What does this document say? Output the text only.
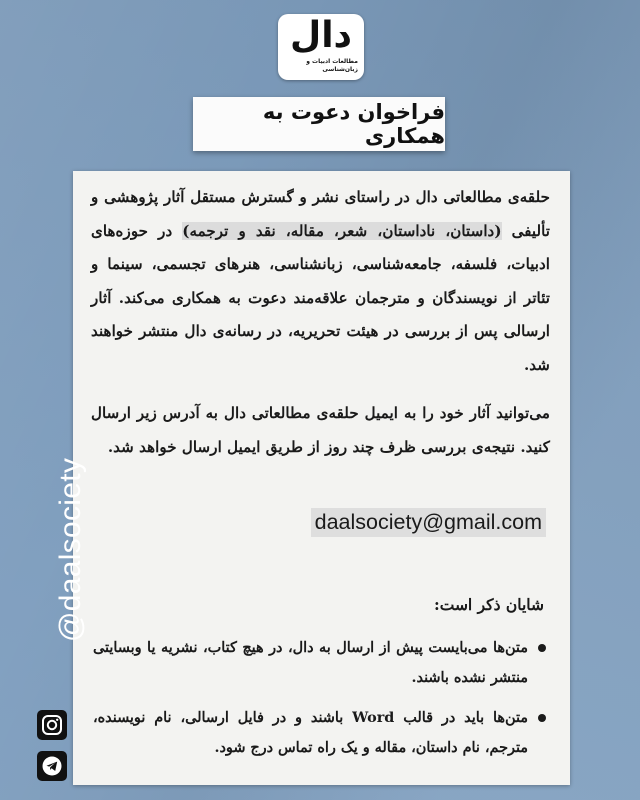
دال
مطالعات ادبیات و زبان‌شناسی
فراخوان دعوت به همکاری
حلقه‌ی مطالعاتی دال در راستای نشر و گسترش مستقل آثار پژوهشی و تألیفی (داستان، ناداستان، شعر، مقاله، نقد و ترجمه) در حوزه‌های ادبیات، فلسفه، جامعه‌شناسی، زبانشناسی، هنرهای تجسمی، سینما و تئاتر از نویسندگان و مترجمان علاقه‌مند دعوت به همکاری می‌کند. آثار ارسالی پس از بررسی در هیئت تحریریه، در رسانه‌ی دال منتشر خواهند شد.
می‌توانید آثار خود را به ایمیل حلقه‌ی مطالعاتی دال به آدرس زیر ارسال کنید. نتیجه‌ی بررسی ظرف چند روز از طریق ایمیل ارسال خواهد شد.
daalsociety@gmail.com
شایان ذکر است:
متن‌ها می‌بایست پیش از ارسال به دال، در هیچ کتاب، نشریه یا وبسایتی منتشر نشده باشند.
متن‌ها باید در قالب Word باشند و در فایل ارسالی، نام نویسنده، مترجم، نام داستان، مقاله و یک راه تماس درج شود.
@daalsociety
